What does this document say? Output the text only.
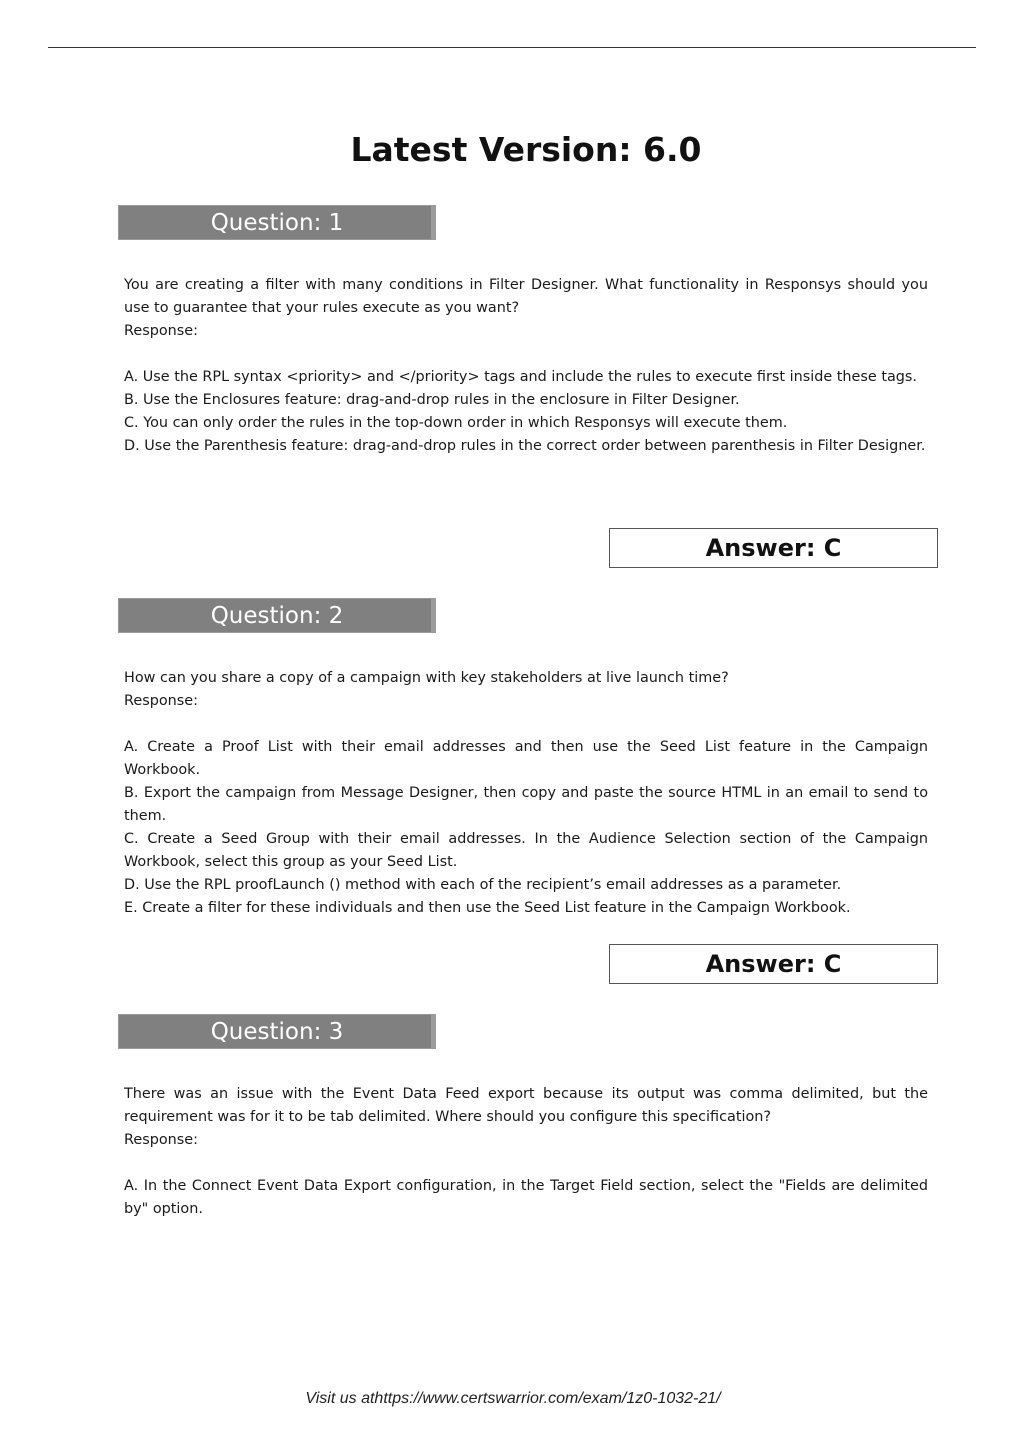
Latest Version: 6.0
Question: 1

You are creating a filter with many conditions in Filter Designer. What functionality in Responsys should you use to guarantee that your rules execute as you want?

Response:

A. Use the RPL syntax <priority> and </priority> tags and include the rules to execute first inside these tags.

B. Use the Enclosures feature: drag-and-drop rules in the enclosure in Filter Designer.

C. You can only order the rules in the top-down order in which Responsys will execute them.

D. Use the Parenthesis feature: drag-and-drop rules in the correct order between parenthesis in Filter Designer.

Answer: C
Question: 2

How can you share a copy of a campaign with key stakeholders at live launch time?

Response:

A. Create a Proof List with their email addresses and then use the Seed List feature in the Campaign Workbook.

B. Export the campaign from Message Designer, then copy and paste the source HTML in an email to send to them.

C. Create a Seed Group with their email addresses. In the Audience Selection section of the Campaign Workbook, select this group as your Seed List.

D. Use the RPL proofLaunch () method with each of the recipient’s email addresses as a parameter.

E. Create a filter for these individuals and then use the Seed List feature in the Campaign Workbook.

Answer: C
Question: 3

There was an issue with the Event Data Feed export because its output was comma delimited, but the requirement was for it to be tab delimited. Where should you configure this specification?

Response:

A. In the Connect Event Data Export configuration, in the Target Field section, select the "Fields are delimited by" option.

Visit us athttps://www.certswarrior.com/exam/1z0-1032-21/
